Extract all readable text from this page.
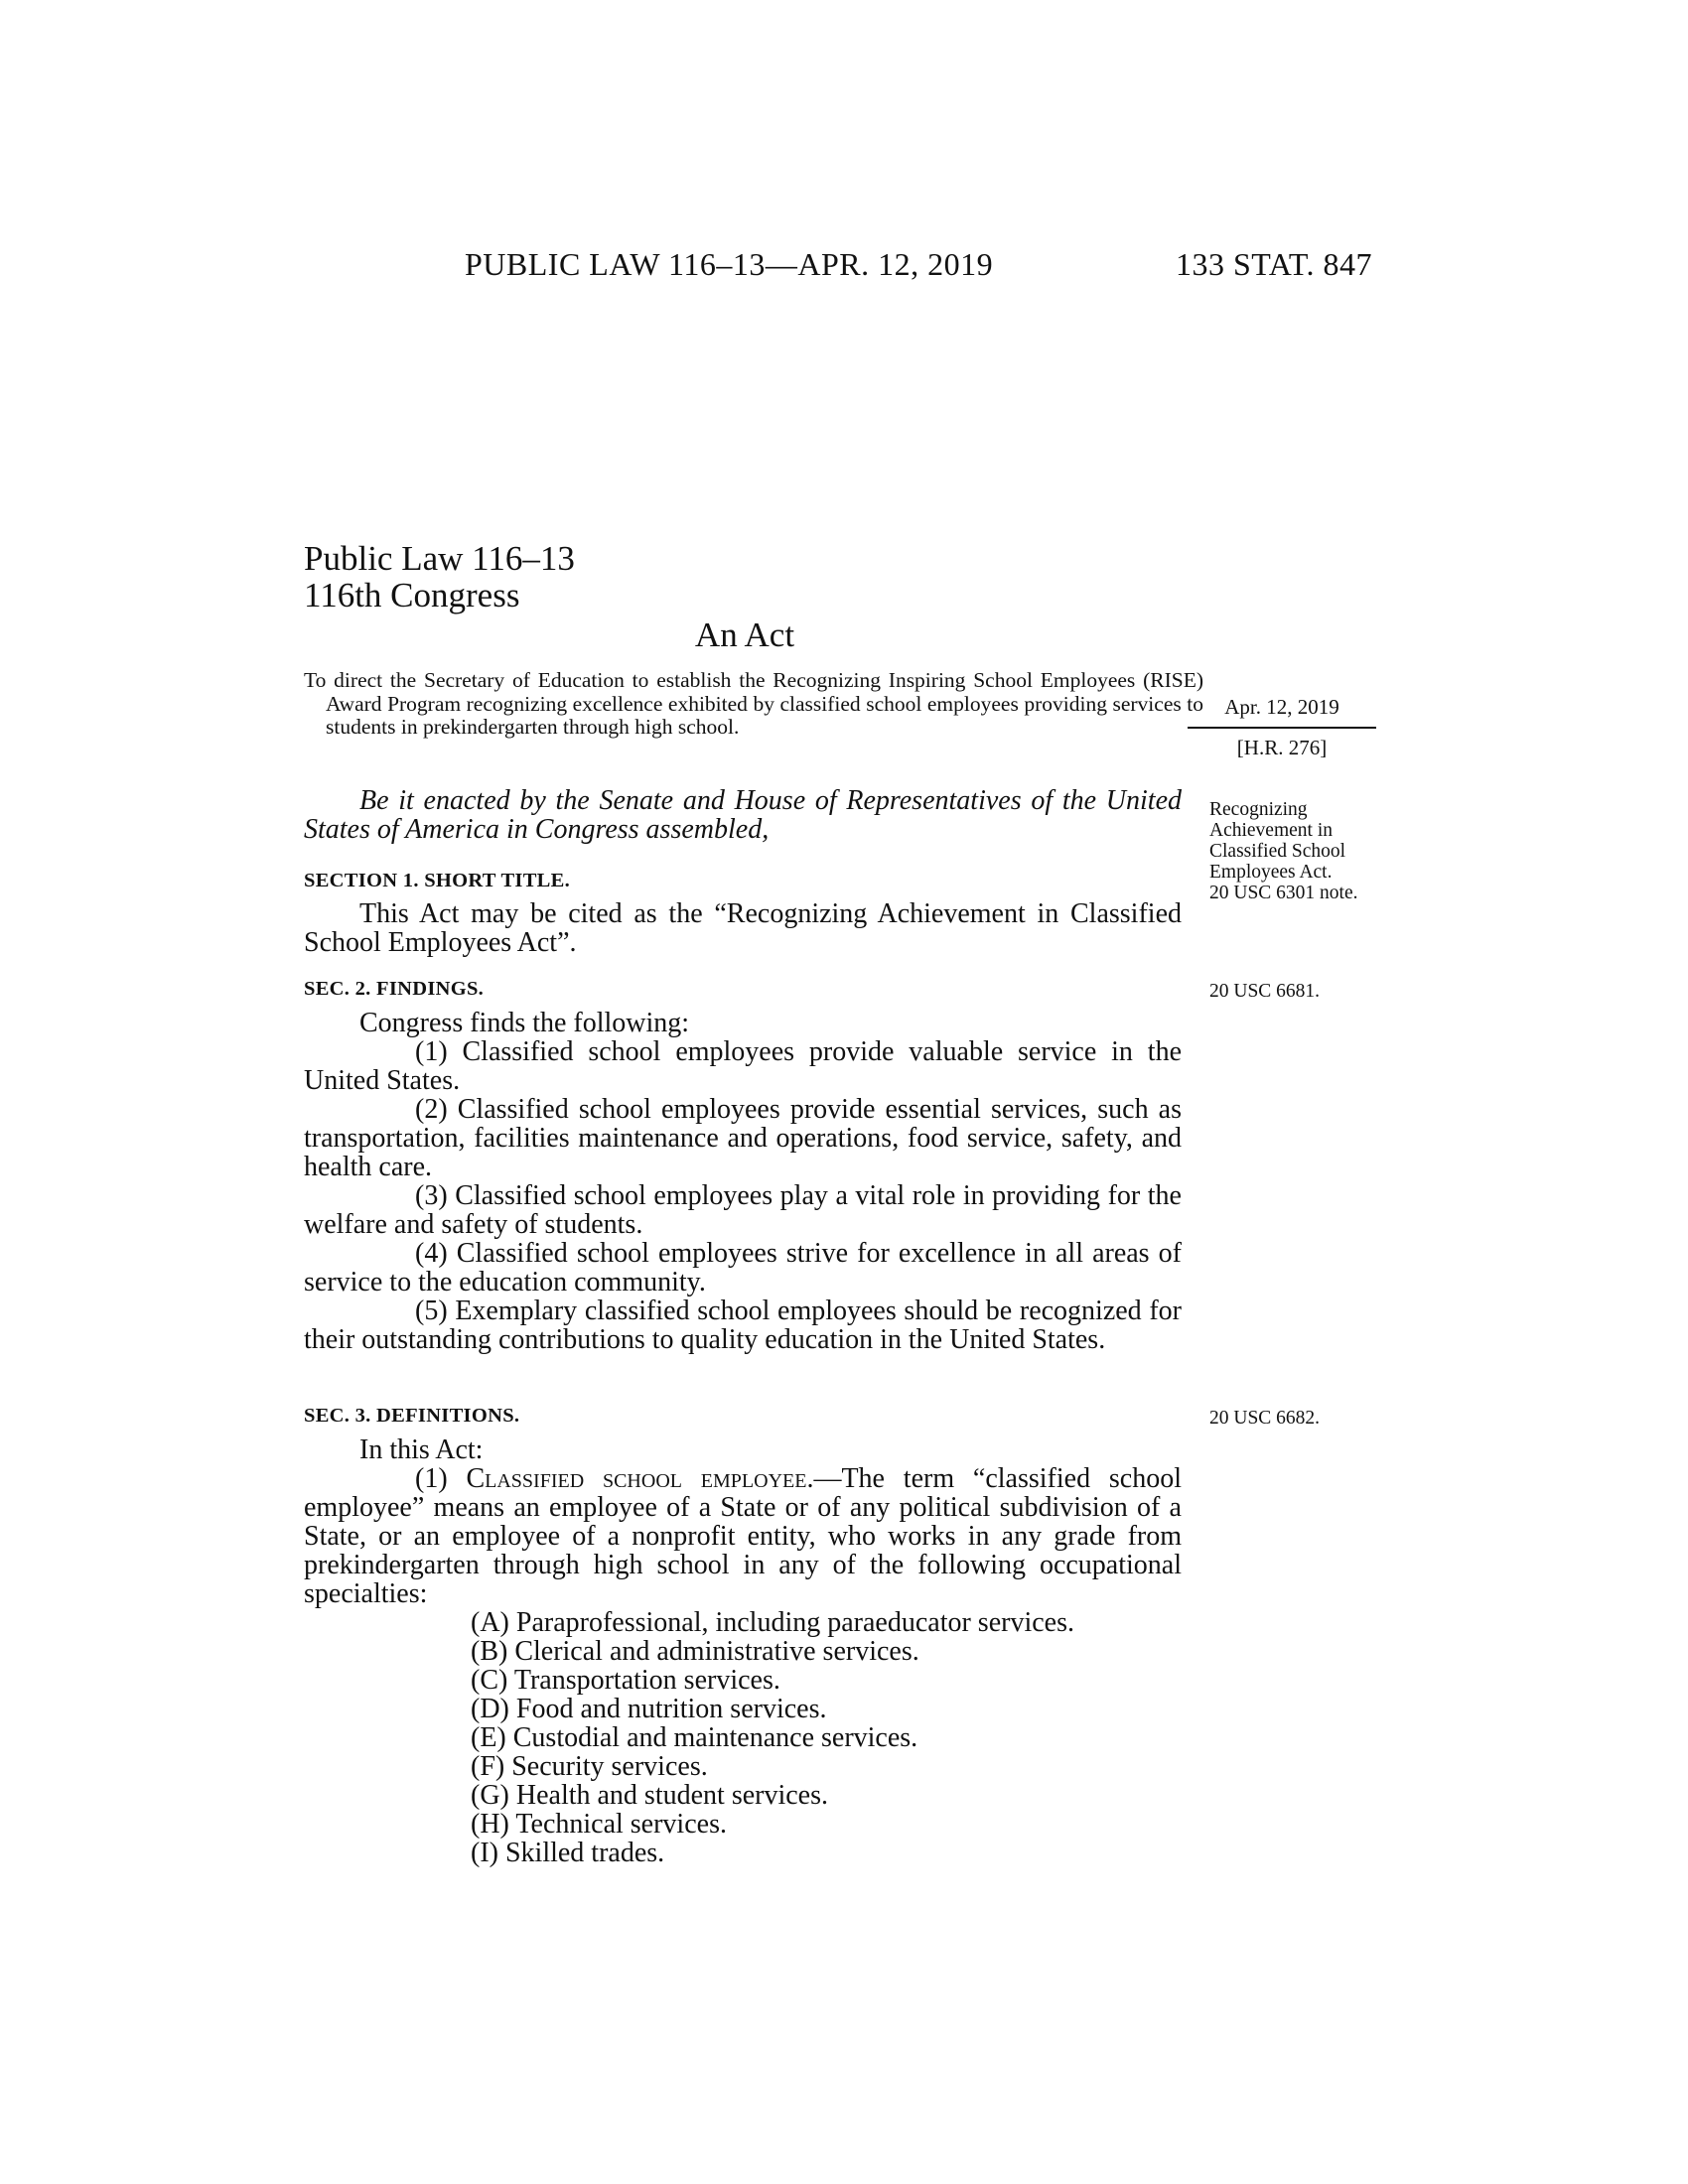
PUBLIC LAW 116–13—APR. 12, 2019	133 STAT. 847
Public Law 116–13
116th Congress
An Act

To direct the Secretary of Education to establish the Recognizing Inspiring School Employees (RISE) Award Program recognizing excellence exhibited by classified school employees providing services to students in prekindergarten through high school.

Apr. 12, 2019
[H.R. 276]

Be it enacted by the Senate and House of Representatives of the United States of America in Congress assembled,

Recognizing Achievement in Classified School Employees Act.
20 USC 6301 note.
SECTION 1. SHORT TITLE.

This Act may be cited as the “Recognizing Achievement in Classified School Employees Act”.

SEC. 2. FINDINGS.	20 USC 6681.

Congress finds the following:

(1) Classified school employees provide valuable service in the United States.

(2) Classified school employees provide essential services, such as transportation, facilities maintenance and operations, food service, safety, and health care.

(3) Classified school employees play a vital role in providing for the welfare and safety of students.

(4) Classified school employees strive for excellence in all areas of service to the education community.

(5) Exemplary classified school employees should be recognized for their outstanding contributions to quality education in the United States.

SEC. 3. DEFINITIONS.	20 USC 6682.

In this Act:

(1) Classified school employee.—The term “classified school employee” means an employee of a State or of any political subdivision of a State, or an employee of a nonprofit entity, who works in any grade from prekindergarten through high school in any of the following occupational specialties:

(A) Paraprofessional, including paraeducator services.

(B) Clerical and administrative services.

(C) Transportation services.

(D) Food and nutrition services.

(E) Custodial and maintenance services.

(F) Security services.

(G) Health and student services.

(H) Technical services.

(I) Skilled trades.
